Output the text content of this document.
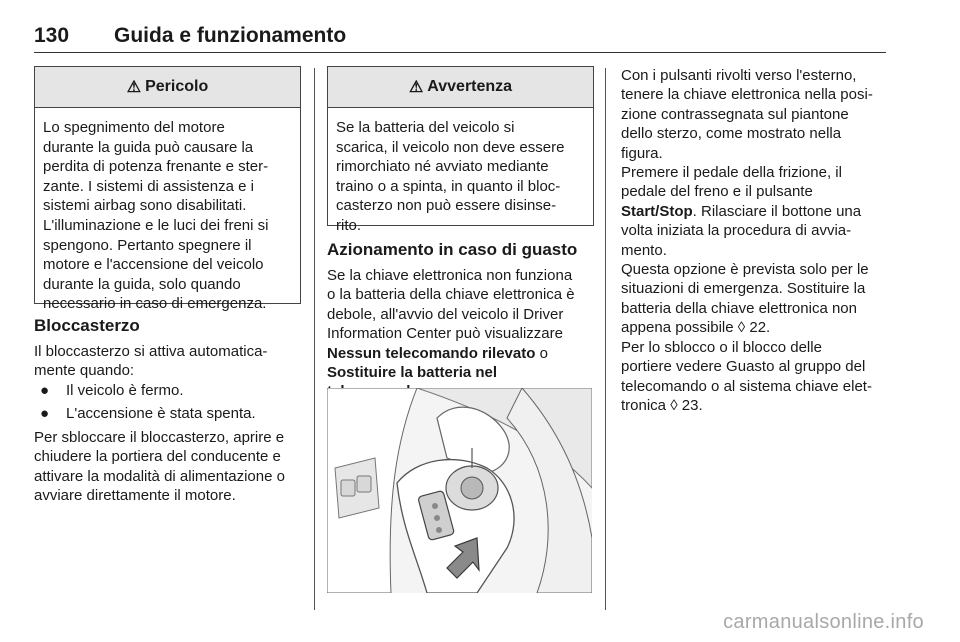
130 Guida e funzionamento
⚠ Pericolo
Lo spegnimento del motore
durante la guida può causare la
perdita di potenza frenante e ster-
zante. I sistemi di assistenza e i
sistemi airbag sono disabilitati.
L'illuminazione e le luci dei freni si
spengono. Pertanto spegnere il
motore e l'accensione del veicolo
durante la guida, solo quando
necessario in caso di emergenza.
Bloccasterzo
Il bloccasterzo si attiva automatica-
mente quando:
● Il veicolo è fermo.
● L'accensione è stata spenta.
Per sbloccare il bloccasterzo, aprire e
chiudere la portiera del conducente e
attivare la modalità di alimentazione o
avviare direttamente il motore.
⚠ Avvertenza
Se la batteria del veicolo si
scarica, il veicolo non deve essere
rimorchiato né avviato mediante
traino o a spinta, in quanto il bloc-
casterzo non può essere disinse-
rito.
Azionamento in caso di guasto
Se la chiave elettronica non funziona
o la batteria della chiave elettronica è
debole, all'avvio del veicolo il Driver
Information Center può visualizzare
Nessun telecomando rilevato o
Sostituire la batteria nel
Con i pulsanti rivolti verso l'esterno,
tenere la chiave elettronica nella posi-
zione contrassegnata sul piantone
dello sterzo, come mostrato nella
figura.
Premere il pedale della frizione, il
pedale del freno e il pulsante
Start/Stop. Rilasciare il bottone una
volta iniziata la procedura di avvia-
mento.
Questa opzione è prevista solo per le
situazioni di emergenza. Sostituire la
batteria della chiave elettronica non
appena possibile ◊ 22.
Per lo sblocco o il blocco delle
portiere vedere Guasto al gruppo del
telecomando o al sistema chiave elet-
tronica ◊ 23.
carmanualsonline.info
